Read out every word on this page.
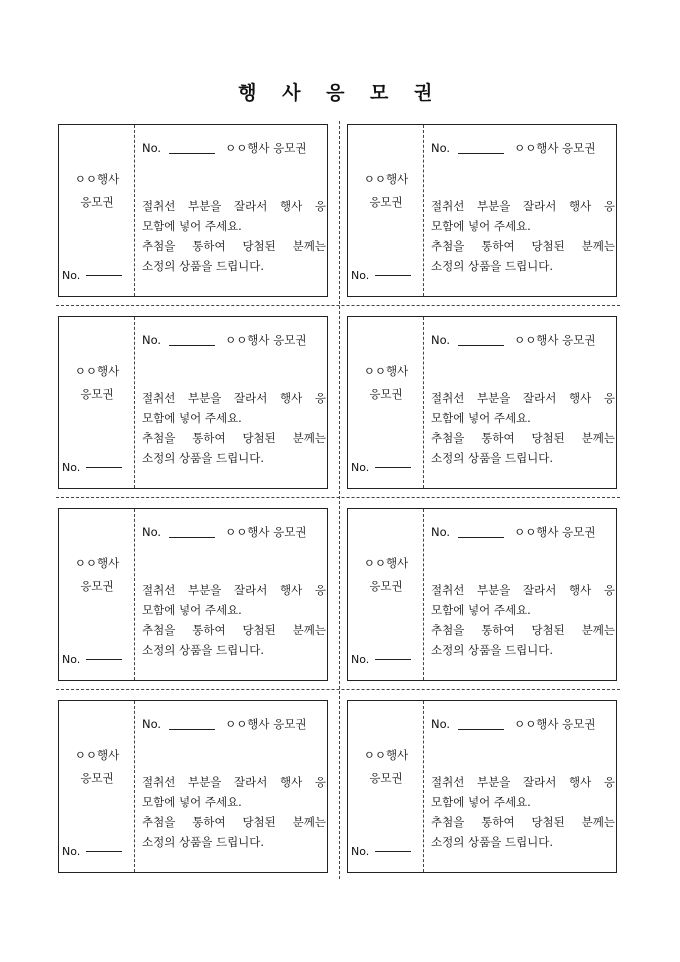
행 사 응 모 권
ㅇㅇ행사
응모권
No.
No.	ㅇㅇ행사 응모권

절취선 부분을 잘라서 행사 응

모함에 넣어 주세요.

추첨을 통하여 당첨된 분께는

소정의 상품을 드립니다.

ㅇㅇ행사
응모권
No.
No.	ㅇㅇ행사 응모권

절취선 부분을 잘라서 행사 응

모함에 넣어 주세요.

추첨을 통하여 당첨된 분께는

소정의 상품을 드립니다.

ㅇㅇ행사
응모권
No.
No.	ㅇㅇ행사 응모권

절취선 부분을 잘라서 행사 응

모함에 넣어 주세요.

추첨을 통하여 당첨된 분께는

소정의 상품을 드립니다.

ㅇㅇ행사
응모권
No.
No.	ㅇㅇ행사 응모권

절취선 부분을 잘라서 행사 응

모함에 넣어 주세요.

추첨을 통하여 당첨된 분께는

소정의 상품을 드립니다.

ㅇㅇ행사
응모권
No.
No.	ㅇㅇ행사 응모권

절취선 부분을 잘라서 행사 응

모함에 넣어 주세요.

추첨을 통하여 당첨된 분께는

소정의 상품을 드립니다.

ㅇㅇ행사
응모권
No.
No.	ㅇㅇ행사 응모권

절취선 부분을 잘라서 행사 응

모함에 넣어 주세요.

추첨을 통하여 당첨된 분께는

소정의 상품을 드립니다.

ㅇㅇ행사
응모권
No.
No.	ㅇㅇ행사 응모권

절취선 부분을 잘라서 행사 응

모함에 넣어 주세요.

추첨을 통하여 당첨된 분께는

소정의 상품을 드립니다.

ㅇㅇ행사
응모권
No.
No.	ㅇㅇ행사 응모권

절취선 부분을 잘라서 행사 응

모함에 넣어 주세요.

추첨을 통하여 당첨된 분께는

소정의 상품을 드립니다.
